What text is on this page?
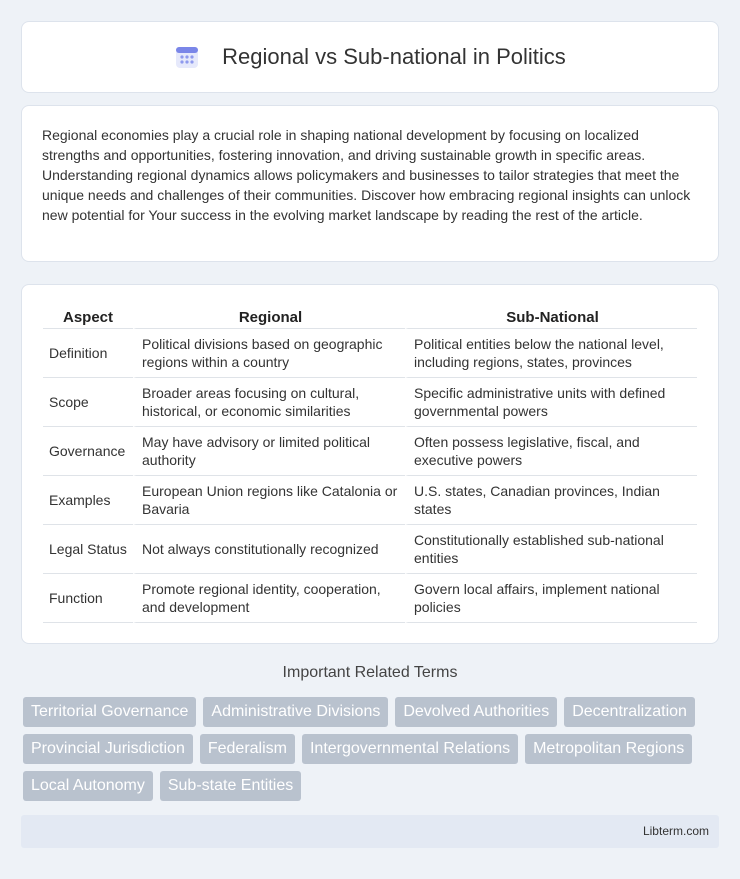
Regional vs Sub-national in Politics

Regional economies play a crucial role in shaping national development by focusing on localized strengths and opportunities, fostering innovation, and driving sustainable growth in specific areas. Understanding regional dynamics allows policymakers and businesses to tailor strategies that meet the unique needs and challenges of their communities. Discover how embracing regional insights can unlock new potential for Your success in the evolving market landscape by reading the rest of the article.

Aspect	Regional	Sub-National
Definition	Political divisions based on geographic regions within a country	Political entities below the national level, including regions, states, provinces
Scope	Broader areas focusing on cultural, historical, or economic similarities	Specific administrative units with defined governmental powers
Governance	May have advisory or limited political authority	Often possess legislative, fiscal, and executive powers
Examples	European Union regions like Catalonia or Bavaria	U.S. states, Canadian provinces, Indian states
Legal Status	Not always constitutionally recognized	Constitutionally established sub-national entities
Function	Promote regional identity, cooperation, and development	Govern local affairs, implement national policies
Important Related Terms
Territorial Governance	Administrative Divisions	Devolved Authorities	Decentralization
Provincial Jurisdiction	Federalism	Intergovernmental Relations	Metropolitan Regions
Local Autonomy	Sub-state Entities
Libterm.com
